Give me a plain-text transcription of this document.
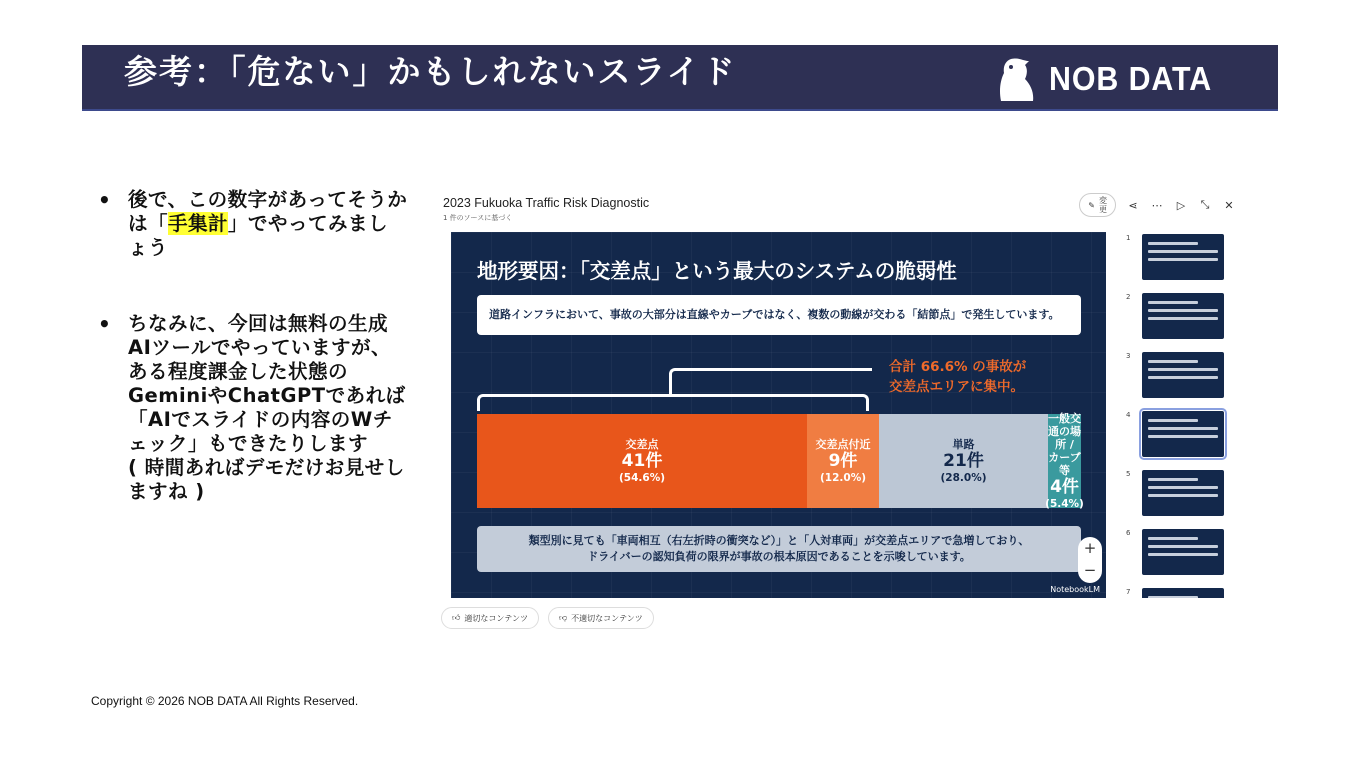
参考：「危ない」かもしれないスライド	NOB DATA
• 後で、この数字があってそうかは「手集計」でやってみましょう
• ちなみに、今回は無料の生成AIツールでやっていますが、ある程度課金した状態のGeminiやChatGPTであれば「AIでスライドの内容のWチェック」もできたりします
( 時間あればデモだけお見せしますね )
2023 Fukuoka Traffic Risk Diagnostic
1 件のソースに基づく
✎ 変
更 ⋖ ⋯ ▷ ⤡ ✕
地形要因：「交差点」という最大のシステムの脆弱性
道路インフラにおいて、事故の大部分は直線やカーブではなく、複数の動線が交わる「結節点」で発生しています。
合計 66.6% の事故が
交差点エリアに集中。
交差点
41件
(54.6%)
交差点付近
9件
(12.0%)
単路
21件
(28.0%)
一般交通の場所 / カーブ等
4件
(5.4%)
類型別に見ても「車両相互（右左折時の衝突など）」と「人対車両」が交差点エリアで急増しており、
ドライバーの認知負荷の限界が事故の根本原因であることを示唆しています。	+
−
NotebookLM
1
2
3
4
5
6
7
👍︎ 適切なコンテンツ	👎︎ 不適切なコンテンツ
Copyright © 2026 NOB DATA All Rights Reserved.
